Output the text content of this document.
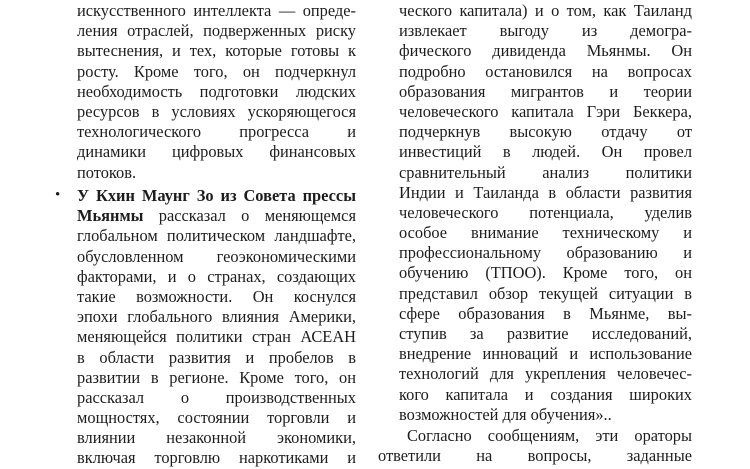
искусственного интеллекта — опреде-
ления отраслей, подверженных риску
вытеснения, и тех, которые готовы к
росту. Кроме того, он подчеркнул
необходимость подготовки людских
ресурсов в условиях ускоряющегося
технологического прогресса и
динамики цифровых финансовых
потоков.
• У Кхин Маунг Зо из Совета прессы
Мьянмы рассказал о меняющемся
глобальном политическом ландшафте,
обусловленном геоэкономическими
факторами, и о странах, создающих
такие возможности. Он коснулся
эпохи глобального влияния Америки,
меняющейся политики стран АСЕАН
в области развития и пробелов в
развитии в регионе. Кроме того, он
рассказал о производственных
мощностях, состоянии торговли и
влиянии незаконной экономики,
включая торговлю наркотиками и
ческого капитала) и о том, как Таиланд
извлекает выгоду из демогра-
фического дивиденда Мьянмы. Он
подробно остановился на вопросах
образования мигрантов и теории
человеческого капитала Гэри Беккера,
подчеркнув высокую отдачу от
инвестиций в людей. Он провел
сравнительный анализ политики
Индии и Таиланда в области развития
человеческого потенциала, уделив
особое внимание техническому и
профессиональному образованию и
обучению (ТПОО). Кроме того, он
представил обзор текущей ситуации в
сфере образования в Мьянме, вы-
ступив за развитие исследований,
внедрение инноваций и использование
технологий для укрепления человечес-
кого капитала и создания широких
возможностей для обучения»..
Согласно сообщениям, эти ораторы
ответили на вопросы, заданные
